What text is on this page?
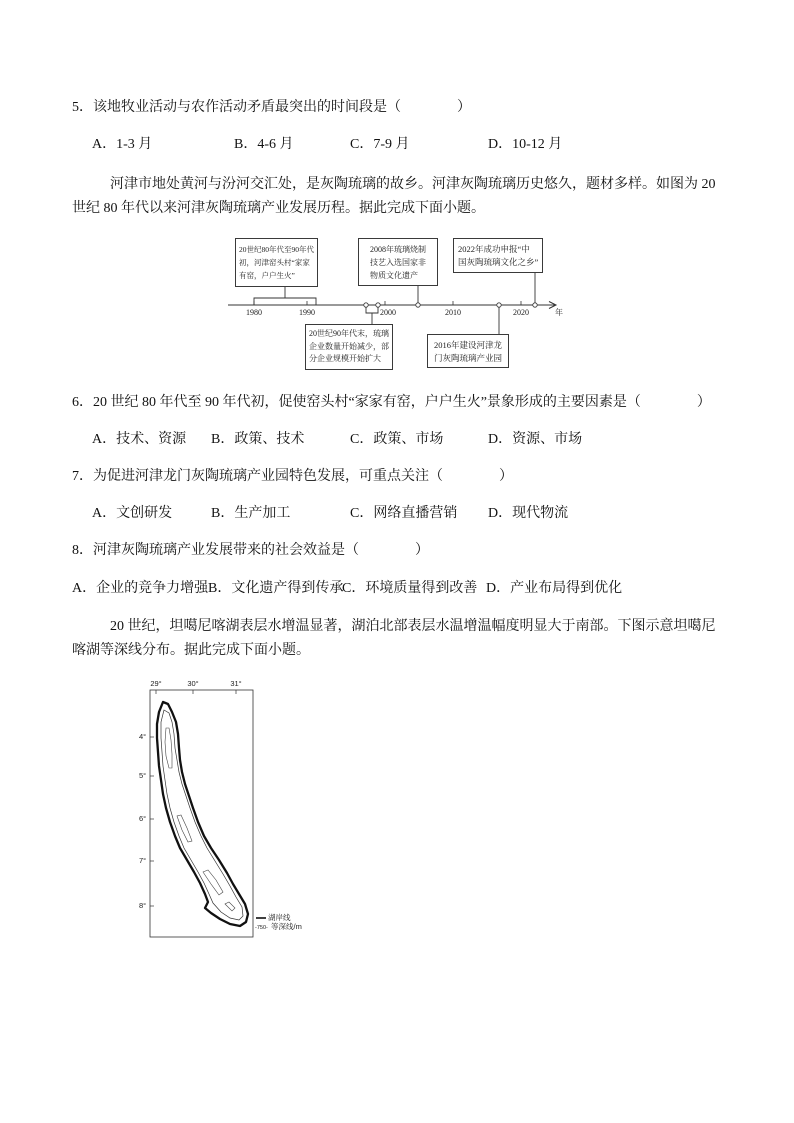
5．该地牧业活动与农作活动矛盾最突出的时间段是（　　　　）
A．1-3 月	B．4-6 月	C．7-9 月	D．10-12 月
河津市地处黄河与汾河交汇处，是灰陶琉璃的故乡。河津灰陶琉璃历史悠久，题材多样。如图为 20
世纪 80 年代以来河津灰陶琉璃产业发展历程。据此完成下面小题。
20世纪80年代至90年代
初，河津窑头村“家家
有窑，户户生火”
2008年琉璃烧制
技艺入选国家非
物质文化遗产
2022年成功申报“中
国灰陶琉璃文化之乡”
20世纪90年代末，琉璃
企业数量开始减少，部
分企业规模开始扩大
2016年建设河津龙
门灰陶琉璃产业园
1980	1990	2000	2010	2020	年
6．20 世纪 80 年代至 90 年代初，促使窑头村“家家有窑，户户生火”景象形成的主要因素是（　　　　）
A．技术、资源 B．政策、技术	C．政策、市场	D．资源、市场
7．为促进河津龙门灰陶琉璃产业园特色发展，可重点关注（　　　　）
A．文创研发	B．生产加工	C．网络直播营销 D．现代物流
8．河津灰陶琉璃产业发展带来的社会效益是（　　　　）
A．企业的竞争力增强 B．文化遗产得到传承
C．环境质量得到改善 D．产业布局得到优化
20 世纪，坦噶尼喀湖表层水增温显著，湖泊北部表层水温增温幅度明显大于南部。下图示意坦噶尼
喀湖等深线分布。据此完成下面小题。
29°	30°	31°
4°
5°
6°
7°
8°
湖岸线
-750- 等深线/m
